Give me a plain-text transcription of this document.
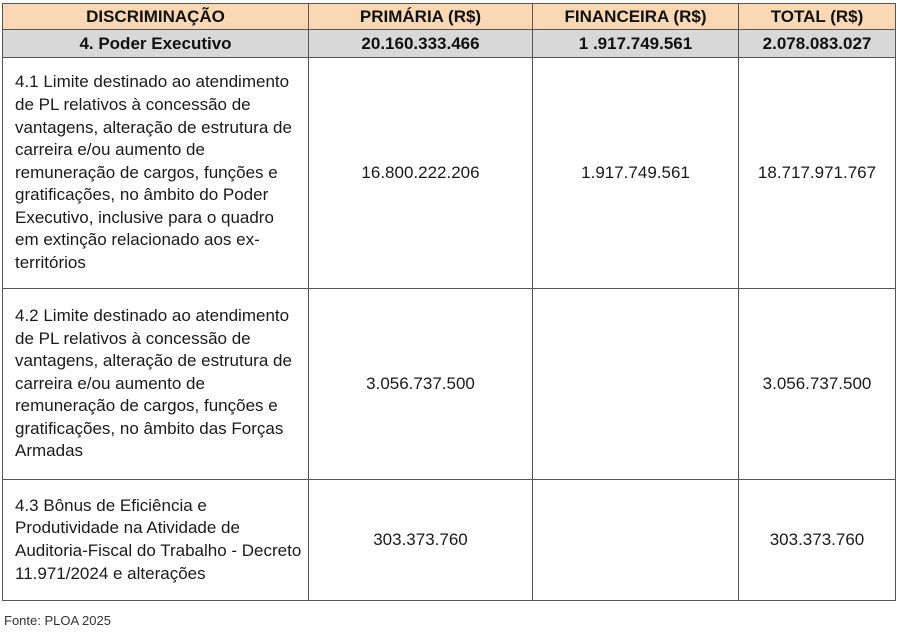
DISCRIMINAÇÃO	PRIMÁRIA (R$)	FINANCEIRA (R$)	TOTAL (R$)
4. Poder Executivo	20.160.333.466	1 .917.749.561	2.078.083.027
4.1 Limite destinado ao atendimento de PL relativos à concessão de vantagens, alteração de estrutura de carreira e/ou aumento de remuneração de cargos, funções e gratificações, no âmbito do Poder Executivo, inclusive para o quadro em extinção relacionado aos ex-territórios	16.800.222.206	1.917.749.561	18.717.971.767
4.2 Limite destinado ao atendimento de PL relativos à concessão de vantagens, alteração de estrutura de carreira e/ou aumento de remuneração de cargos, funções e gratificações, no âmbito das Forças Armadas	3.056.737.500		3.056.737.500
4.3 Bônus de Eficiência e Produtividade na Atividade de Auditoria-Fiscal do Trabalho - Decreto 11.971/2024 e alterações	303.373.760		303.373.760
Fonte: PLOA 2025
